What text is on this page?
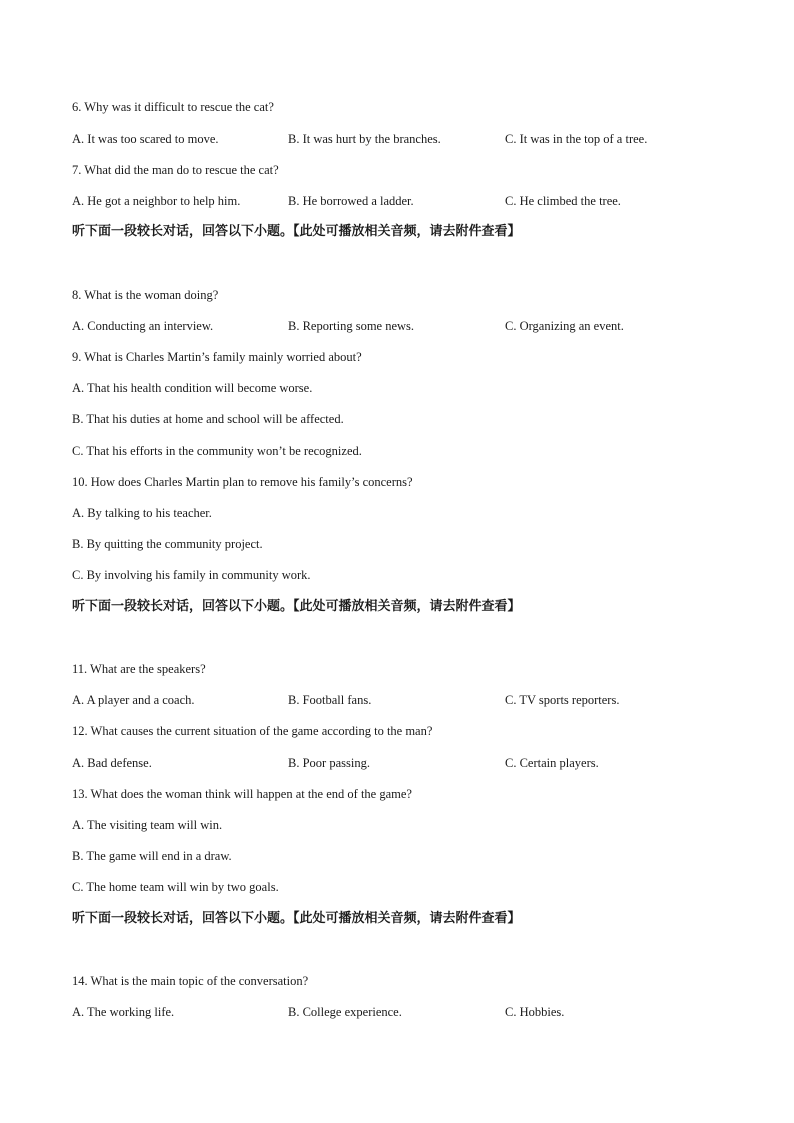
6. Why was it difficult to rescue the cat?
A. It was too scared to move.	B. It was hurt by the branches.	C. It was in the top of a tree.
7. What did the man do to rescue the cat?
A. He got a neighbor to help him.	B. He borrowed a ladder.	C. He climbed the tree.
听下面一段较长对话，回答以下小题。【此处可播放相关音频，请去附件查看】
8. What is the woman doing?
A. Conducting an interview.	B. Reporting some news.	C. Organizing an event.
9. What is Charles Martin’s family mainly worried about?
A. That his health condition will become worse.
B. That his duties at home and school will be affected.
C. That his efforts in the community won’t be recognized.
10. How does Charles Martin plan to remove his family’s concerns?
A. By talking to his teacher.
B. By quitting the community project.
C. By involving his family in community work.
听下面一段较长对话，回答以下小题。【此处可播放相关音频，请去附件查看】
11. What are the speakers?
A. A player and a coach.	B. Football fans.	C. TV sports reporters.
12. What causes the current situation of the game according to the man?
A. Bad defense.	B. Poor passing.	C. Certain players.
13. What does the woman think will happen at the end of the game?
A. The visiting team will win.
B. The game will end in a draw.
C. The home team will win by two goals.
听下面一段较长对话，回答以下小题。【此处可播放相关音频，请去附件查看】
14. What is the main topic of the conversation?
A. The working life.	B. College experience.	C. Hobbies.
